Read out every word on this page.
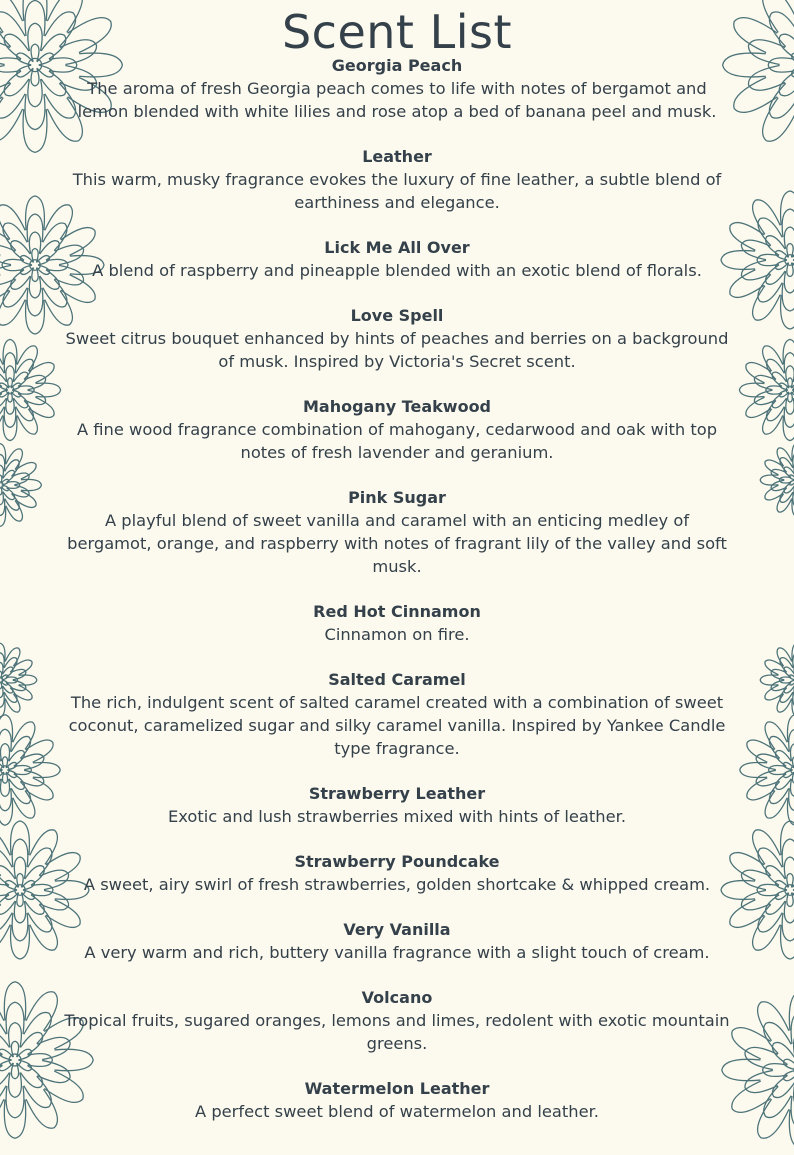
Scent List
Georgia Peach
The aroma of fresh Georgia peach comes to life with notes of bergamot and lemon blended with white lilies and rose atop a bed of banana peel and musk.
Leather
This warm, musky fragrance evokes the luxury of fine leather, a subtle blend of earthiness and elegance.
Lick Me All Over
A blend of raspberry and pineapple blended with an exotic blend of florals.
Love Spell
Sweet citrus bouquet enhanced by hints of peaches and berries on a background of musk. Inspired by Victoria's Secret scent.
Mahogany Teakwood
A fine wood fragrance combination of mahogany, cedarwood and oak with top notes of fresh lavender and geranium.
Pink Sugar
A playful blend of sweet vanilla and caramel with an enticing medley of bergamot, orange, and raspberry with notes of fragrant lily of the valley and soft musk.
Red Hot Cinnamon
Cinnamon on fire.
Salted Caramel
The rich, indulgent scent of salted caramel created with a combination of sweet coconut, caramelized sugar and silky caramel vanilla. Inspired by Yankee Candle type fragrance.
Strawberry Leather
Exotic and lush strawberries mixed with hints of leather.
Strawberry Poundcake
A sweet, airy swirl of fresh strawberries, golden shortcake & whipped cream.
Very Vanilla
A very warm and rich, buttery vanilla fragrance with a slight touch of cream.
Volcano
Tropical fruits, sugared oranges, lemons and limes, redolent with exotic mountain greens.
Watermelon Leather
A perfect sweet blend of watermelon and leather.
